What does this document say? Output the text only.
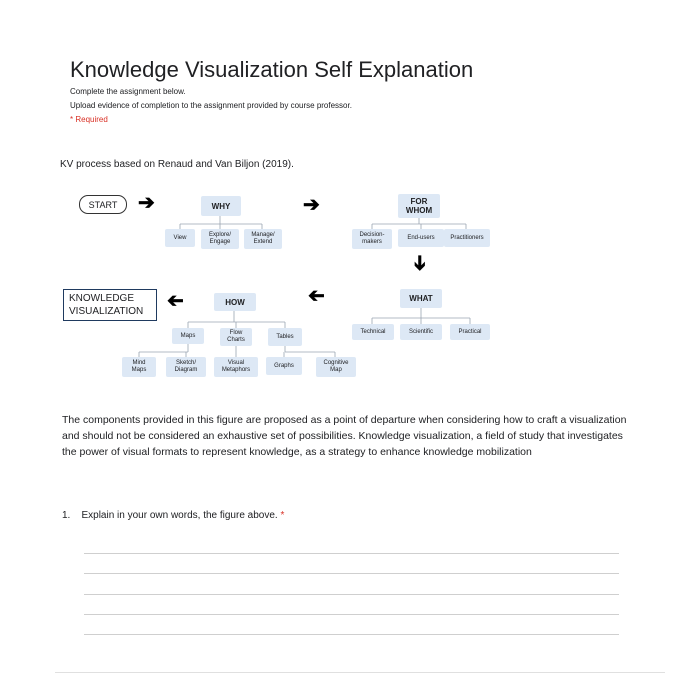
Knowledge Visualization Self Explanation
Complete the assignment below.
Upload evidence of completion to the assignment provided by course professor.
* Required
KV process based on Renaud and Van Biljon (2019).
START	➔	WHY
View	Explore/
Engage
Manage/
Extend
➔	FOR
WHOM
Decision-
makers
End-users	Practitioners
➔
WHAT
Technical	Scientific	Practical
➔
HOW
Maps	Flow
Charts
Tables
Mind
Maps
Sketch/
Diagram
Visual
Metaphors
Graphs	Cognitive
Map
➔
KNOWLEDGE
VISUALIZATION
The components provided in this figure are proposed as a point of departure when considering how to craft a visualization and should not be considered an exhaustive set of possibilities. Knowledge visualization, a field of study that investigates the power of visual formats to represent knowledge, as a strategy to enhance knowledge mobilization
1. Explain in your own words, the figure above. *
